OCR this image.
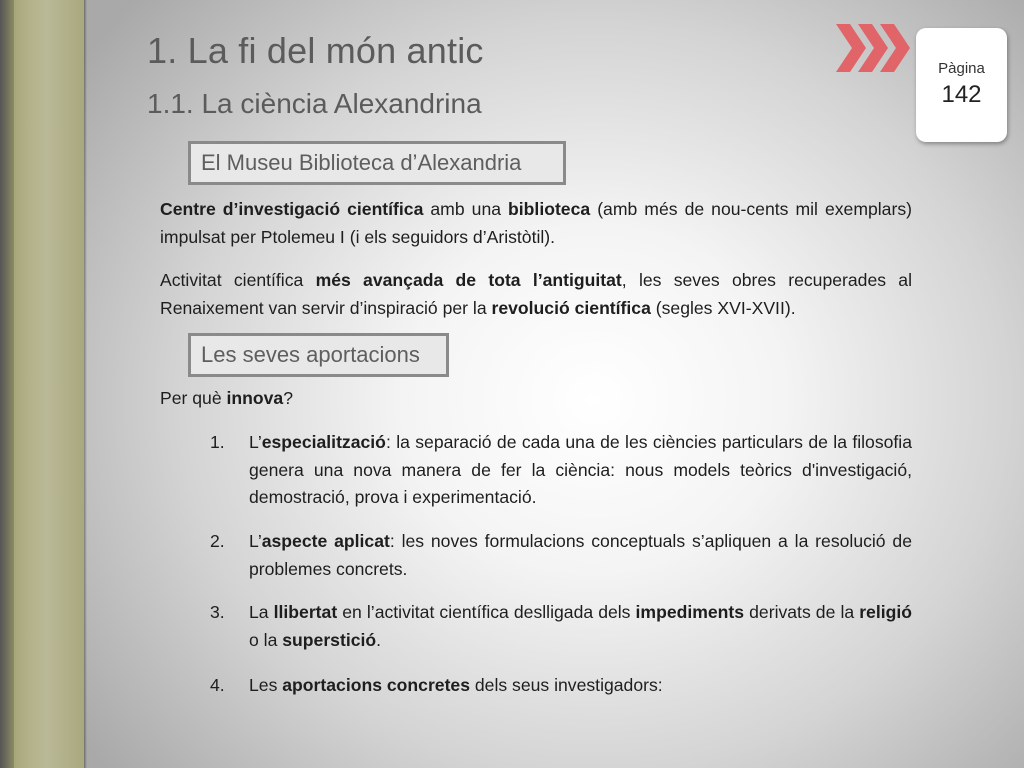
1. La fi del món antic
1.1. La ciència Alexandrina
Pàgina
142
El Museu Biblioteca d’Alexandria
Centre d’investigació científica amb una biblioteca (amb més de nou-cents mil exemplars) impulsat per Ptolemeu I (i els seguidors d’Aristòtil).
Activitat científica més avançada de tota l’antiguitat, les seves obres recuperades al Renaixement van servir d’inspiració per la revolució científica (segles XVI-XVII).
Les seves aportacions
Per què innova?
1. L’especialització: la separació de cada una de les ciències particulars de la filosofia genera una nova manera de fer la ciència: nous models teòrics d'investigació, demostració, prova i experimentació.
2. L’aspecte aplicat: les noves formulacions conceptuals s’apliquen a la resolució de problemes concrets.
3. La llibertat en l’activitat científica deslligada dels impediments derivats de la religió o la superstició.
4. Les aportacions concretes dels seus investigadors:
